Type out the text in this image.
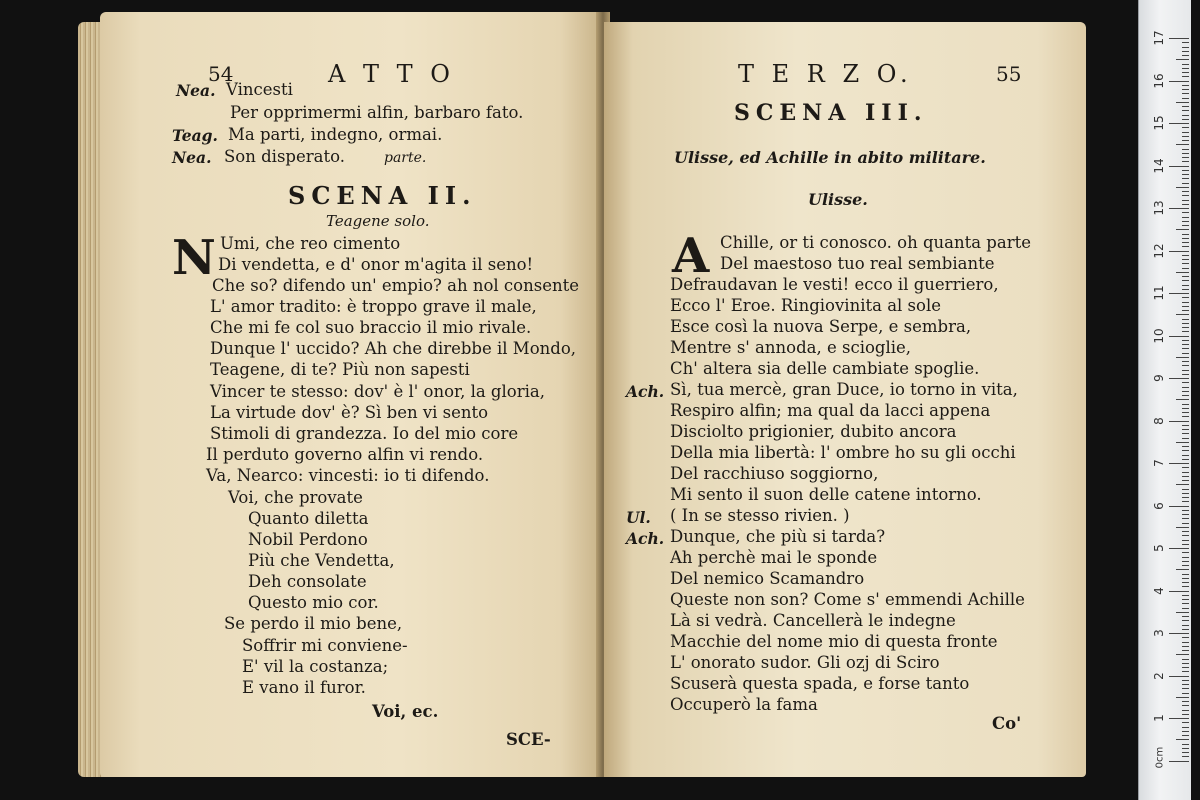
54	A T T O
Nea. Vincesti
Per opprimermi alfin, barbaro fato.
Teag. Ma parti, indegno, ormai.
Nea. Son disperato.	parte.
SCENA II.
Teagene solo.
N Umi, che reo cimento
Di vendetta, e d' onor m'agita il seno!
Che so? difendo un' empio? ah nol consente
L' amor tradito: è troppo grave il male,
Che mi fe col suo braccio il mio rivale.
Dunque l' uccido? Ah che direbbe il Mondo,
Teagene, di te? Più non sapesti
Vincer te stesso: dov' è l' onor, la gloria,
La virtude dov' è? Sì ben vi sento
Stimoli di grandezza. Io del mio core
Il perduto governo alfin vi rendo.
Va, Nearco: vincesti: io ti difendo.
Voi, che provate
Quanto diletta
Nobil Perdono
Più che Vendetta,
Deh consolate
Questo mio cor.
Se perdo il mio bene,
Soffrir mi conviene-
E' vil la costanza;
E vano il furor.
Voi, ec.
SCE-
T E R Z O.	55
SCENA III.
Ulisse, ed Achille in abito militare.
Ulisse.
A Chille, or ti conosco. oh quanta parte
Del maestoso tuo real sembiante
Defraudavan le vesti! ecco il guerriero,
Ecco l' Eroe. Ringiovinita al sole
Esce così la nuova Serpe, e sembra,
Mentre s' annoda, e scioglie,
Ch' altera sia delle cambiate spoglie.
Ach. Sì, tua mercè, gran Duce, io torno in vita,
Respiro alfin; ma qual da lacci appena
Disciolto prigionier, dubito ancora
Della mia libertà: l' ombre ho su gli occhi
Del racchiuso soggiorno,
Mi sento il suon delle catene intorno.
Ul. ( In se stesso rivien. )
Ach. Dunque, che più si tarda?
Ah perchè mai le sponde
Del nemico Scamandro
Queste non son? Come s' emmendi Achille
Là si vedrà. Cancellerà le indegne
Macchie del nome mio di questa fronte
L' onorato sudor. Gli ozj di Sciro
Scuserà questa spada, e forse tanto
Occuperò la fama
Co'
17
16
15
14
13
12
11
10
9
8
7
6
5
4
3
2
1
0cm
